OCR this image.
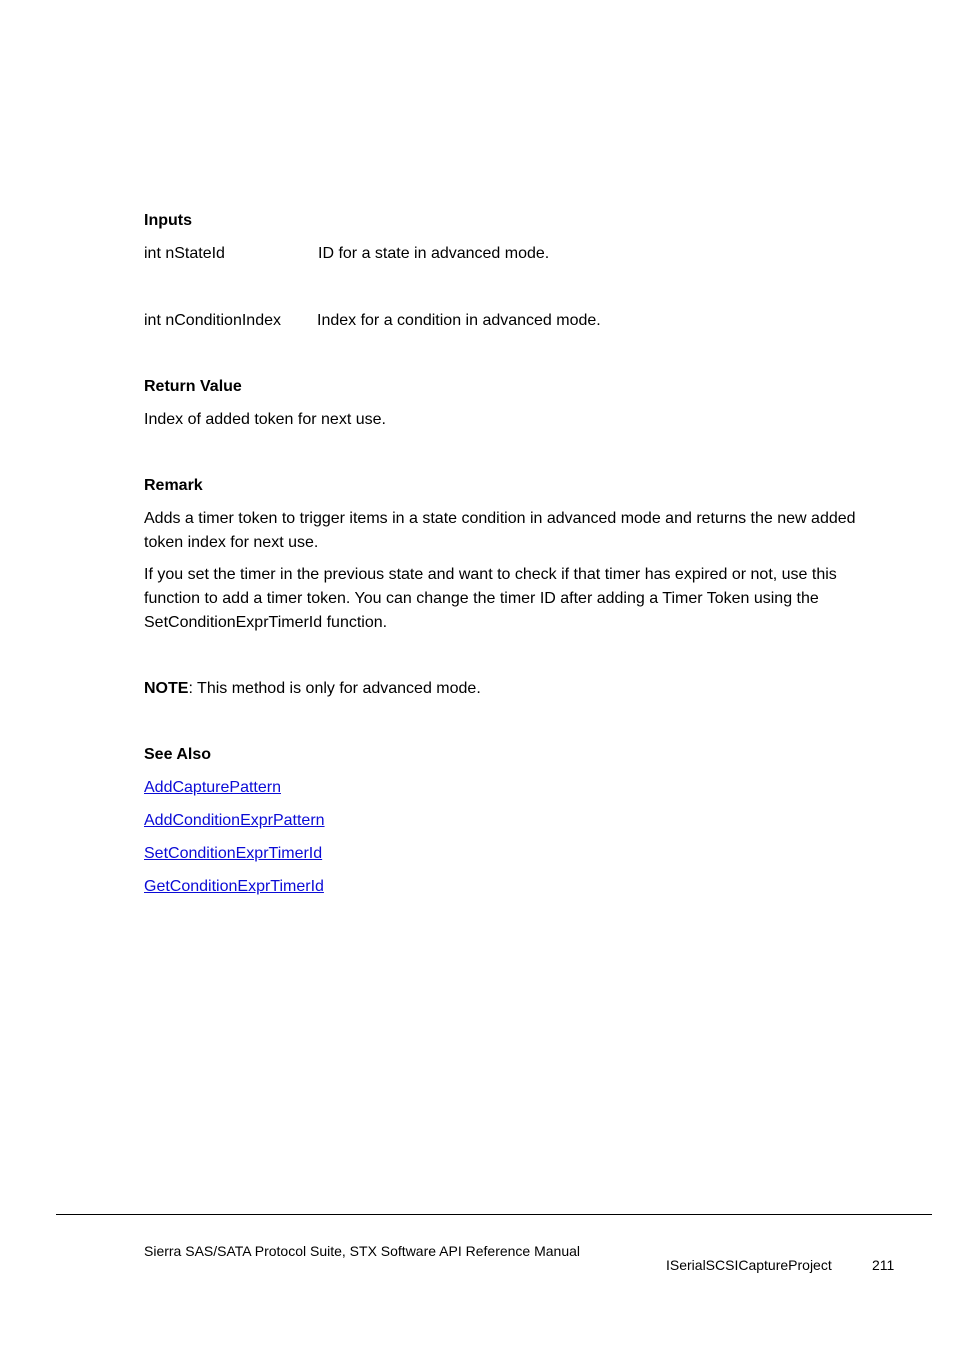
Inputs
int nStateId	ID for a state in advanced mode.
int nConditionIndex Index for a condition in advanced mode.
Return Value
Index of added token for next use.
Remark
Adds a timer token to trigger items in a state condition in advanced mode and returns the new added token index for next use.
If you set the timer in the previous state and want to check if that timer has expired or not, use this function to add a timer token. You can change the timer ID after adding a Timer Token using the SetConditionExprTimerId function.
NOTE: This method is only for advanced mode.
See Also
AddCapturePattern
AddConditionExprPattern
SetConditionExprTimerId
GetConditionExprTimerId
Sierra SAS/SATA Protocol Suite, STX Software API Reference Manual
ISerialSCSICaptureProject	211
